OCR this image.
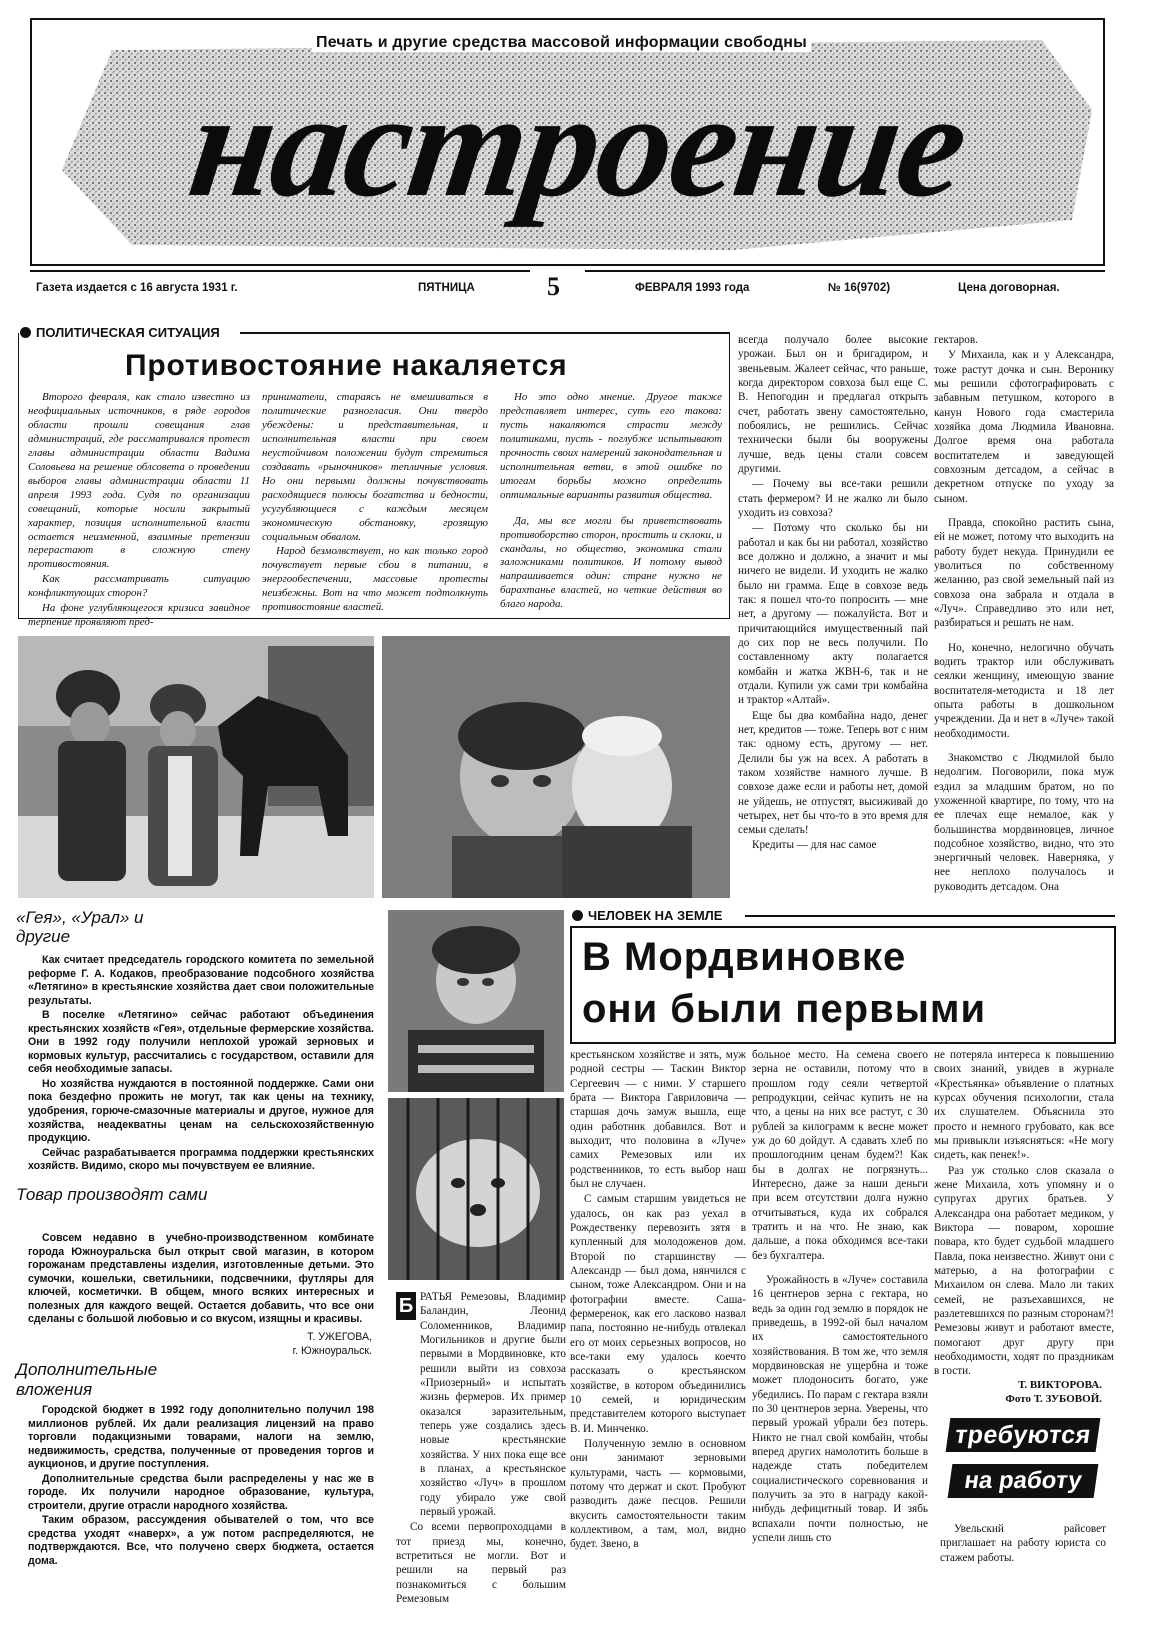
Печать и другие средства массовой информации свободны
настроение
Газета издается с 16 августа 1931 г.	ПЯТНИЦА	5	ФЕВРАЛЯ 1993 года	№ 16(9702)	Цена договорная.
ПОЛИТИЧЕСКАЯ СИТУАЦИЯ
Противостояние накаляется

Второго февраля, как стало известно из неофициальных источников, в ряде городов области прошли совещания глав администраций, где рассматривался протест главы администрации области Вадима Соловьева на решение облсовета о проведении выборов главы администрации области 11 апреля 1993 года. Судя по организации совещаний, которые носили закрытый характер, позиция исполнительной власти остается неизменной, взаимные претензии перерастают в сложную стену противостояния.

Как рассматривать ситуацию конфликтующих сторон?

На фоне углубляющегося кризиса завидное терпение проявляют пред-

приниматели, стараясь не вмешиваться в политические разногласия. Они твердо убеждены: и представительная, и исполнительная власти при своем неустойчивом положении будут стремиться создавать «рыночников» тепличные условия. Но они первыми должны почувствовать расходящиеся полюсы богатства и бедности, усугубляющиеся с каждым месяцем экономическую обстановку, грозящую социальным обвалом.

Народ безмолвствует, но как только город почувствует первые сбои в питании, в энергообеспечении, массовые протесты неизбежны. Вот на что может подтолкнуть противостояние властей.

Но это одно мнение. Другое также представляет интерес, суть его такова: пусть накаляются страсти между политиками, пусть - поглубже испытывают прочность своих намерений законодательная и исполнительная ветви, в этой ошибке по итогам борьбы можно определить оптимальные варианты развития общества.

Да, мы все могли бы приветствовать противоборство сторон, простить и склоки, и скандалы, но общество, экономика стали заложниками политиков. И потому вывод напрашивается один: стране нужно не барахтанье властей, но четкие действия во благо народа.

всегда получало более высокие урожаи. Был он и бригадиром, и звеньевым. Жалеет сейчас, что раньше, когда директором совхоза был еще С. В. Непогодин и предлагал открыть счет, работать звену самостоятельно, побоялись, не решились. Сейчас технически были бы вооружены лучше, ведь цены стали совсем другими.

— Почему вы все-таки решили стать фермером? И не жалко ли было уходить из совхоза?

— Потому что сколько бы ни работал и как бы ни работал, хозяйство все должно и должно, а значит и мы ничего не видели. И уходить не жалко было ни грамма. Еще в совхозе ведь так: я пошел что-то попросить — мне нет, а другому — пожалуйста. Вот и причитающийся имущественный пай до сих пор не весь получили. По составленному акту полагается комбайн и жатка ЖВН-6, так и не отдали. Купили уж сами три комбайна и трактор «Алтай».

Еще бы два комбайна надо, денег нет, кредитов — тоже. Теперь вот с ним так: одному есть, другому — нет. Делили бы уж на всех. А работать в таком хозяйстве намного лучше. В совхозе даже если и работы нет, домой не уйдешь, не отпустят, высиживай до четырех, нет бы что-то в это время для семьи сделать!

Кредиты — для нас самое

гектаров.

У Михаила, как и у Александра, тоже растут дочка и сын. Веронику мы решили сфотографировать с забавным петушком, которого в канун Нового года смастерила хозяйка дома Людмила Ивановна. Долгое время она работала воспитателем и заведующей совхозным детсадом, а сейчас в декретном отпуске по уходу за сыном.

Правда, спокойно растить сына, ей не может, потому что выходить на работу будет некуда. Принудили ее уволиться по собственному желанию, раз свой земельный пай из совхоза она забрала и отдала в «Луч». Справедливо это или нет, разбираться и решать не нам.

Но, конечно, нелогично обучать водить трактор или обслуживать сеялки женщину, имеющую звание воспитателя-методиста и 18 лет опыта работы в дошкольном учреждении. Да и нет в «Луче» такой необходимости.

Знакомство с Людмилой было недолгим. Поговорили, пока муж ездил за младшим братом, но по ухоженной квартире, по тому, что на ее плечах еще немалое, как у большинства мордвиновцев, личное подсобное хозяйство, видно, что это энергичный человек. Наверняка, у нее неплохо получалось и руководить детсадом. Она

«Гея», «Урал» и другие

Как считает председатель городского комитета по земельной реформе Г. А. Кодаков, преобразование подсобного хозяйства «Летягино» в крестьянские хозяйства дает свои положительные результаты.

В поселке «Летягино» сейчас работают объединения крестьянских хозяйств «Гея», отдельные фермерские хозяйства. Они в 1992 году получили неплохой урожай зерновых и кормовых культур, рассчитались с государством, оставили для себя необходимые запасы.

Но хозяйства нуждаются в постоянной поддержке. Сами они пока бездефно прожить не могут, так как цены на технику, удобрения, горюче-смазочные материалы и другое, нужное для хозяйства, неадекватны ценам на сельскохозяйственную продукцию.

Сейчас разрабатывается программа поддержки крестьянских хозяйств. Видимо, скоро мы почувствуем ее влияние.

Товар производят сами

Совсем недавно в учебно-производственном комбинате города Южноуральска был открыт свой магазин, в котором горожанам представлены изделия, изготовленные детьми. Это сумочки, кошельки, светильники, подсвечники, футляры для ключей, косметички. В общем, много всяких интересных и полезных для каждого вещей. Остается добавить, что все они сделаны с большой любовью и со вкусом, изящны и красивы.

Т. УЖЕГОВА,
г. Южноуральск.
Дополнительные вложения

Городской бюджет в 1992 году дополнительно получил 198 миллионов рублей. Их дали реализация лицензий на право торговли подакцизными товарами, налоги на землю, недвижимость, средства, полученные от проведения торгов и аукционов, и другие поступления.

Дополнительные средства были распределены у нас же в городе. Их получили народное образование, культура, строители, другие отрасли народного хозяйства.

Таким образом, рассуждения обывателей о том, что все средства уходят «наверх», а уж потом распределяются, не подтверждаются. Все, что получено сверх бюджета, остается дома.

ЧЕЛОВЕК НА ЗЕМЛЕ
В Мордвиновке
они были первыми
Б РАТЬЯ Ремезовы, Владимир Баландин, Леонид Соломенников, Владимир Могильников и другие были первыми в Мордвиновке, кто решили выйти из совхоза «Приозерный» и испытать жизнь фермеров. Их пример оказался заразительным, теперь уже создались здесь новые крестьянские хозяйства. У них пока еще все в планах, а крестьянское хозяйство «Луч» в прошлом году убирало уже свой первый урожай.

Со всеми первопроходцами в тот приезд мы, конечно, встретиться не могли. Вот и решили на первый раз познакомиться с большим Ремезовым

крестьянском хозяйстве и зять, муж родной сестры — Таскин Виктор Сергеевич — с ними. У старшего брата — Виктора Гавриловича — старшая дочь замуж вышла, еще один работник добавился. Вот и выходит, что половина в «Луче» самих Ремезовых или их родственников, то есть выбор наш был не случаен.

С самым старшим увидеться не удалось, он как раз уехал в Рождественку перевозить зятя в купленный для молодоженов дом. Второй по старшинству — Александр — был дома, нянчился с сыном, тоже Александром. Они и на фотографии вместе. Саша-фермеренок, как его ласково назвал папа, постоянно не-нибудь отвлекал его от моих серьезных вопросов, но все-таки ему удалось коечто рассказать о крестьянском хозяйстве, в котором объединились 10 семей, и юридическим представителем которого выступает В. И. Минченко.

Полученную землю в основном они занимают зерновыми культурами, часть — кормовыми, потому что держат и скот. Пробуют разводить даже песцов. Решили вкусить самостоятельности таким коллективом, а там, мол, видно будет. Звено, в

больное место. На семена своего зерна не оставили, потому что в прошлом году сеяли четвертой репродукции, сейчас купить не на что, а цены на них все растут, с 30 рублей за килограмм к весне может уж до 60 дойдут. А сдавать хлеб по прошлогодним ценам будем?! Как бы в долгах не погрязнуть... Интересно, даже за наши деньги при всем отсутствии долга нужно отчитываться, куда их собрался тратить и на что. Не знаю, как дальше, а пока обходимся все-таки без бухгалтера.

Урожайность в «Луче» составила 16 центнеров зерна с гектара, но ведь за один год землю в порядок не приведешь, в 1992-ой был началом их самостоятельного хозяйствования. В том же, что земля мордвиновская не ущербна и тоже может плодоносить богато, уже убедились. По парам с гектара взяли по 30 центнеров зерна. Уверены, что первый урожай убрали без потерь. Никто не гнал свой комбайн, чтобы вперед других намолотить больше в надежде стать победителем социалистического соревнования и получить за это в награду какой-нибудь дефицитный товар. И зябь вспахали почти полностью, не успели лишь сто

не потеряла интереса к повышению своих знаний, увидев в журнале «Крестьянка» объявление о платных курсах обучения психологии, стала их слушателем. Объяснила это просто и немного грубовато, как все мы привыкли изъясняться: «Не могу сидеть, как пенек!».

Раз уж столько слов сказала о жене Михаила, хоть упомяну и о супругах других братьев. У Александра она работает медиком, у Виктора — поваром, хорошие повара, кто будет судьбой младшего Павла, пока неизвестно. Живут они с матерью, а на фотографии с Михаилом он слева. Мало ли таких семей, не разъехавшихся, не разлетевшихся по разным сторонам?! Ремезовы живут и работают вместе, помогают друг другу при необходимости, ходят по праздникам в гости.

Т. ВИКТОРОВА.
Фото Т. ЗУБОВОЙ.
требуются
на работу
Увельский райсовет приглашает на работу юриста со стажем работы.
